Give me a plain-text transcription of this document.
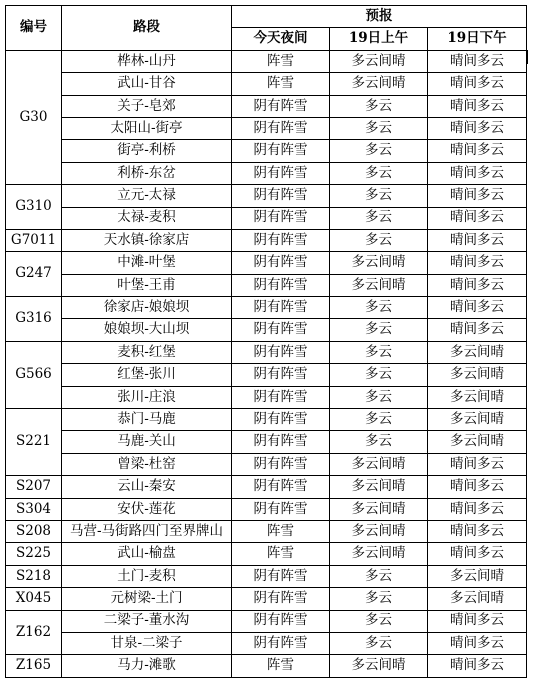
编号	路段	预报		
		今天夜间	19日上午	19日下午
G30	桦林-山丹	阵雪	多云间晴	晴间多云
	武山-甘谷	阵雪	多云间晴	晴间多云
	关子-皂郊	阴有阵雪	多云	晴间多云
	太阳山-街亭	阴有阵雪	多云	晴间多云
	街亭-利桥	阴有阵雪	多云	晴间多云
	利桥-东岔	阴有阵雪	多云	晴间多云
G310	立元-太禄	阴有阵雪	多云	晴间多云
	太禄-麦积	阴有阵雪	多云	晴间多云
G7011	天水镇-徐家店	阴有阵雪	多云	晴间多云
G247	中滩-叶堡	阴有阵雪	多云间晴	晴间多云
	叶堡-王甫	阴有阵雪	多云间晴	晴间多云
G316	徐家店-娘娘坝	阴有阵雪	多云	晴间多云
	娘娘坝-大山坝	阴有阵雪	多云	晴间多云
G566	麦积-红堡	阴有阵雪	多云	多云间晴
	红堡-张川	阴有阵雪	多云	多云间晴
	张川-庄浪	阴有阵雪	多云	多云间晴
S221	恭门-马鹿	阴有阵雪	多云	多云间晴
	马鹿-关山	阴有阵雪	多云	多云间晴
	曾梁-杜窑	阴有阵雪	多云间晴	晴间多云
S207	云山-秦安	阴有阵雪	多云间晴	晴间多云
S304	安伏-莲花	阴有阵雪	多云间晴	晴间多云
S208	马营-马街路四门至界牌山	阵雪	多云间晴	晴间多云
S225	武山-榆盘	阵雪	多云间晴	晴间多云
S218	土门-麦积	阴有阵雪	多云	多云间晴
X045	元树梁-土门	阴有阵雪	多云	多云间晴
Z162	二梁子-董水沟	阴有阵雪	多云	晴间多云
	甘泉-二梁子	阴有阵雪	多云	晴间多云
Z165	马力-滩歌	阵雪	多云间晴	晴间多云
